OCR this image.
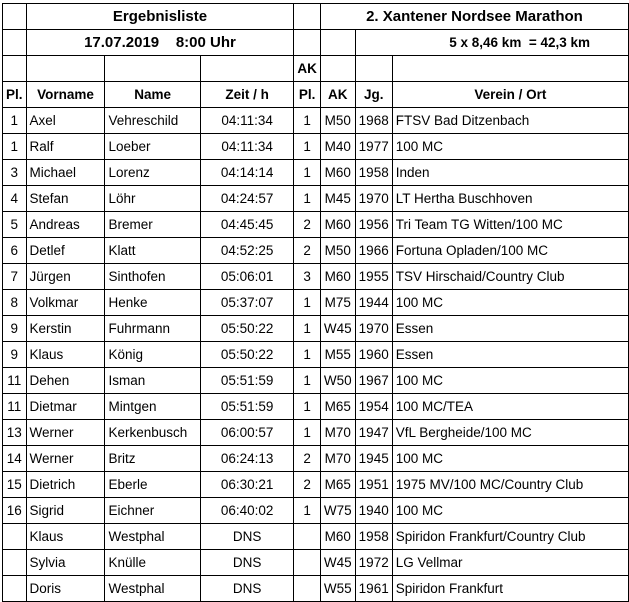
	Ergebnisliste				2. Xantener Nordsee Marathon		
	17.07.2019    8:00 Uhr					5 x 8,46 km  = 42,3 km	
				AK			
Pl.	Vorname	Name	Zeit / h	Pl.	AK	Jg.	Verein / Ort
1	Axel	Vehreschild	04:11:34	1	M50	1968	FTSV Bad Ditzenbach
1	Ralf	Loeber	04:11:34	1	M40	1977	100 MC
3	Michael	Lorenz	04:14:14	1	M60	1958	Inden
4	Stefan	Löhr	04:24:57	1	M45	1970	LT Hertha Buschhoven
5	Andreas	Bremer	04:45:45	2	M60	1956	Tri Team TG Witten/100 MC
6	Detlef	Klatt	04:52:25	2	M50	1966	Fortuna Opladen/100 MC
7	Jürgen	Sinthofen	05:06:01	3	M60	1955	TSV Hirschaid/Country Club
8	Volkmar	Henke	05:37:07	1	M75	1944	100 MC
9	Kerstin	Fuhrmann	05:50:22	1	W45	1970	Essen
9	Klaus	König	05:50:22	1	M55	1960	Essen
11	Dehen	Isman	05:51:59	1	W50	1967	100 MC
11	Dietmar	Mintgen	05:51:59	1	M65	1954	100 MC/TEA
13	Werner	Kerkenbusch	06:00:57	1	M70	1947	VfL Bergheide/100 MC
14	Werner	Britz	06:24:13	2	M70	1945	100 MC
15	Dietrich	Eberle	06:30:21	2	M65	1951	1975 MV/100 MC/Country Club
16	Sigrid	Eichner	06:40:02	1	W75	1940	100 MC
	Klaus	Westphal	DNS		M60	1958	Spiridon Frankfurt/Country Club
	Sylvia	Knülle	DNS		W45	1972	LG Vellmar
	Doris	Westphal	DNS		W55	1961	Spiridon Frankfurt
